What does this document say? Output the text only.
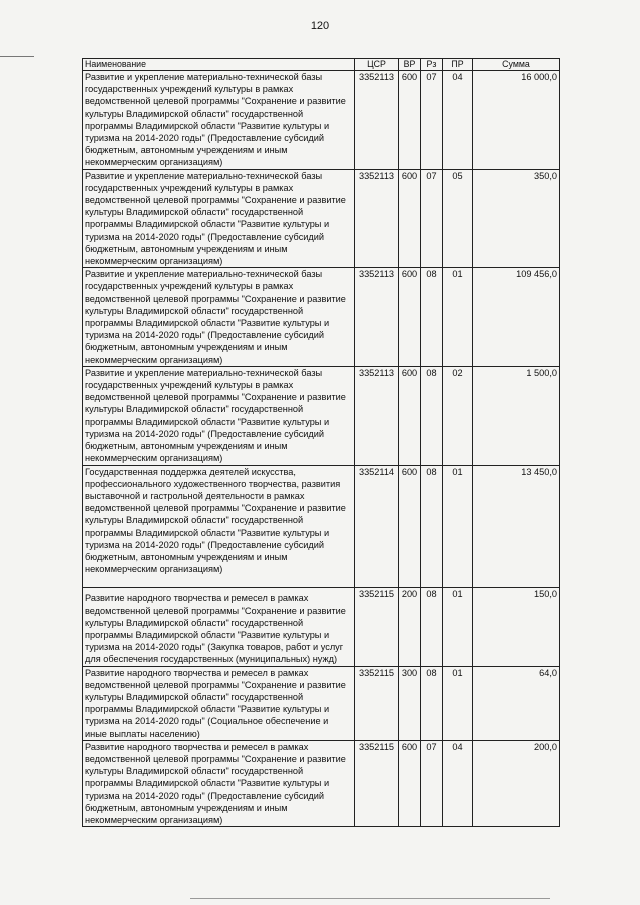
120
Наименование	ЦСР	ВР	Рз	ПР	Сумма
Развитие и укрепление материально-технической базы государственных учреждений культуры в рамках ведомственной целевой программы "Сохранение и развитие культуры Владимирской области" государственной программы Владимирской области "Развитие культуры и туризма на 2014-2020 годы" (Предоставление субсидий бюджетным, автономным учреждениям и иным некоммерческим организациям)	3352113	600	07	04	16 000,0
Развитие и укрепление материально-технической базы государственных учреждений культуры в рамках ведомственной целевой программы "Сохранение и развитие культуры Владимирской области" государственной программы Владимирской области "Развитие культуры и туризма на 2014-2020 годы" (Предоставление субсидий бюджетным, автономным учреждениям и иным некоммерческим организациям)	3352113	600	07	05	350,0
Развитие и укрепление материально-технической базы государственных учреждений культуры в рамках ведомственной целевой программы "Сохранение и развитие культуры Владимирской области" государственной программы Владимирской области "Развитие культуры и туризма на 2014-2020 годы" (Предоставление субсидий бюджетным, автономным учреждениям и иным некоммерческим организациям)	3352113	600	08	01	109 456,0
Развитие и укрепление материально-технической базы государственных учреждений культуры в рамках ведомственной целевой программы "Сохранение и развитие культуры Владимирской области" государственной программы Владимирской области "Развитие культуры и туризма на 2014-2020 годы" (Предоставление субсидий бюджетным, автономным учреждениям и иным некоммерческим организациям)	3352113	600	08	02	1 500,0
Государственная поддержка деятелей искусства, профессионального художественного творчества, развития выставочной и гастрольной деятельности в рамках ведомственной целевой программы "Сохранение и развитие культуры Владимирской области" государственной программы Владимирской области "Развитие культуры и туризма на 2014-2020 годы" (Предоставление субсидий бюджетным, автономным учреждениям и иным некоммерческим организациям)	3352114	600	08	01	13 450,0
Развитие народного творчества и ремесел в рамках ведомственной целевой программы "Сохранение и развитие культуры Владимирской области" государственной программы Владимирской области "Развитие культуры и туризма на 2014-2020 годы" (Закупка товаров, работ и услуг для обеспечения государственных (муниципальных) нужд)	3352115	200	08	01	150,0
Развитие народного творчества и ремесел в рамках ведомственной целевой программы "Сохранение и развитие культуры Владимирской области" государственной программы Владимирской области "Развитие культуры и туризма на 2014-2020 годы" (Социальное обеспечение и иные выплаты населению)	3352115	300	08	01	64,0
Развитие народного творчества и ремесел в рамках ведомственной целевой программы "Сохранение и развитие культуры Владимирской области" государственной программы Владимирской области "Развитие культуры и туризма на 2014-2020 годы" (Предоставление субсидий бюджетным, автономным учреждениям и иным некоммерческим организациям)	3352115	600	07	04	200,0
